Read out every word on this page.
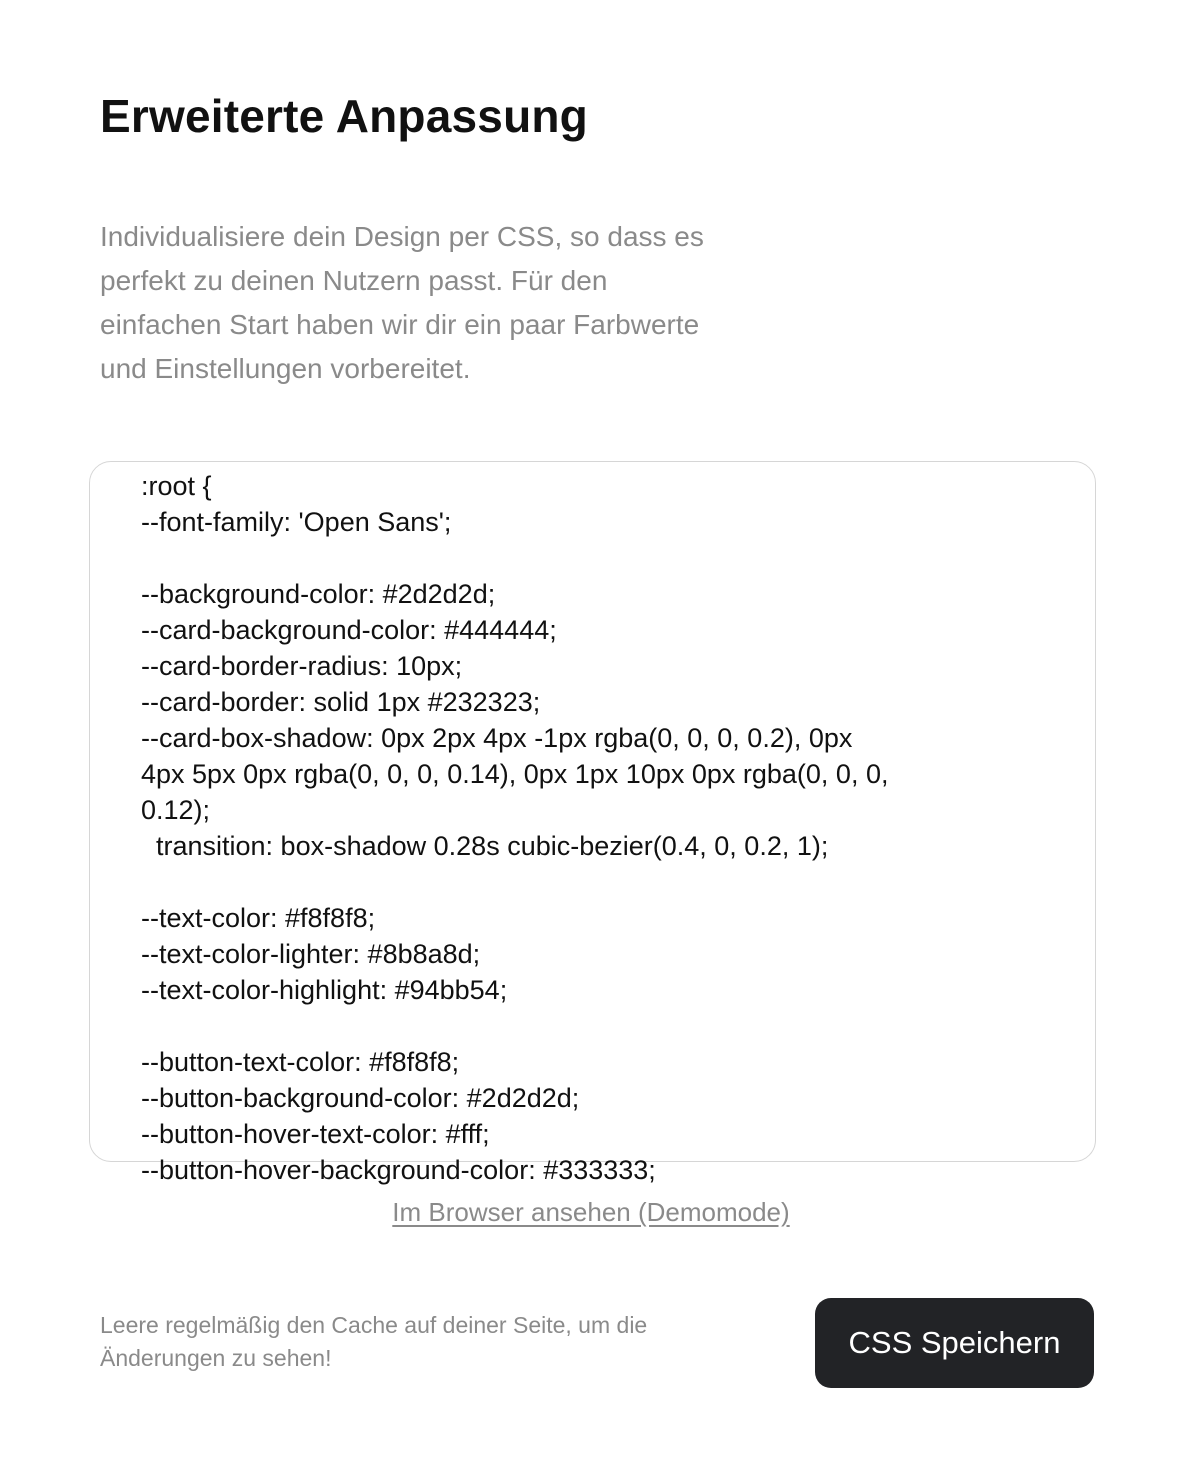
Erweiterte Anpassung

Individualisiere dein Design per CSS, so dass es
perfekt zu deinen Nutzern passt. Für den
einfachen Start haben wir dir ein paar Farbwerte
und Einstellungen vorbereitet.

:root {
--font-family: 'Open Sans';
--background-color: #2d2d2d;
--card-background-color: #444444;
--card-border-radius: 10px;
--card-border: solid 1px #232323;
--card-box-shadow: 0px 2px 4px -1px rgba(0, 0, 0, 0.2), 0px
4px 5px 0px rgba(0, 0, 0, 0.14), 0px 1px 10px 0px rgba(0, 0, 0,
0.12);
transition: box-shadow 0.28s cubic-bezier(0.4, 0, 0.2, 1);
--text-color: #f8f8f8;
--text-color-lighter: #8b8a8d;
--text-color-highlight: #94bb54;
--button-text-color: #f8f8f8;
--button-background-color: #2d2d2d;
--button-hover-text-color: #fff;
--button-hover-background-color: #333333;
Im Browser ansehen (Demomode)

Leere regelmäßig den Cache auf deiner Seite, um die
Änderungen zu sehen!	CSS Speichern
